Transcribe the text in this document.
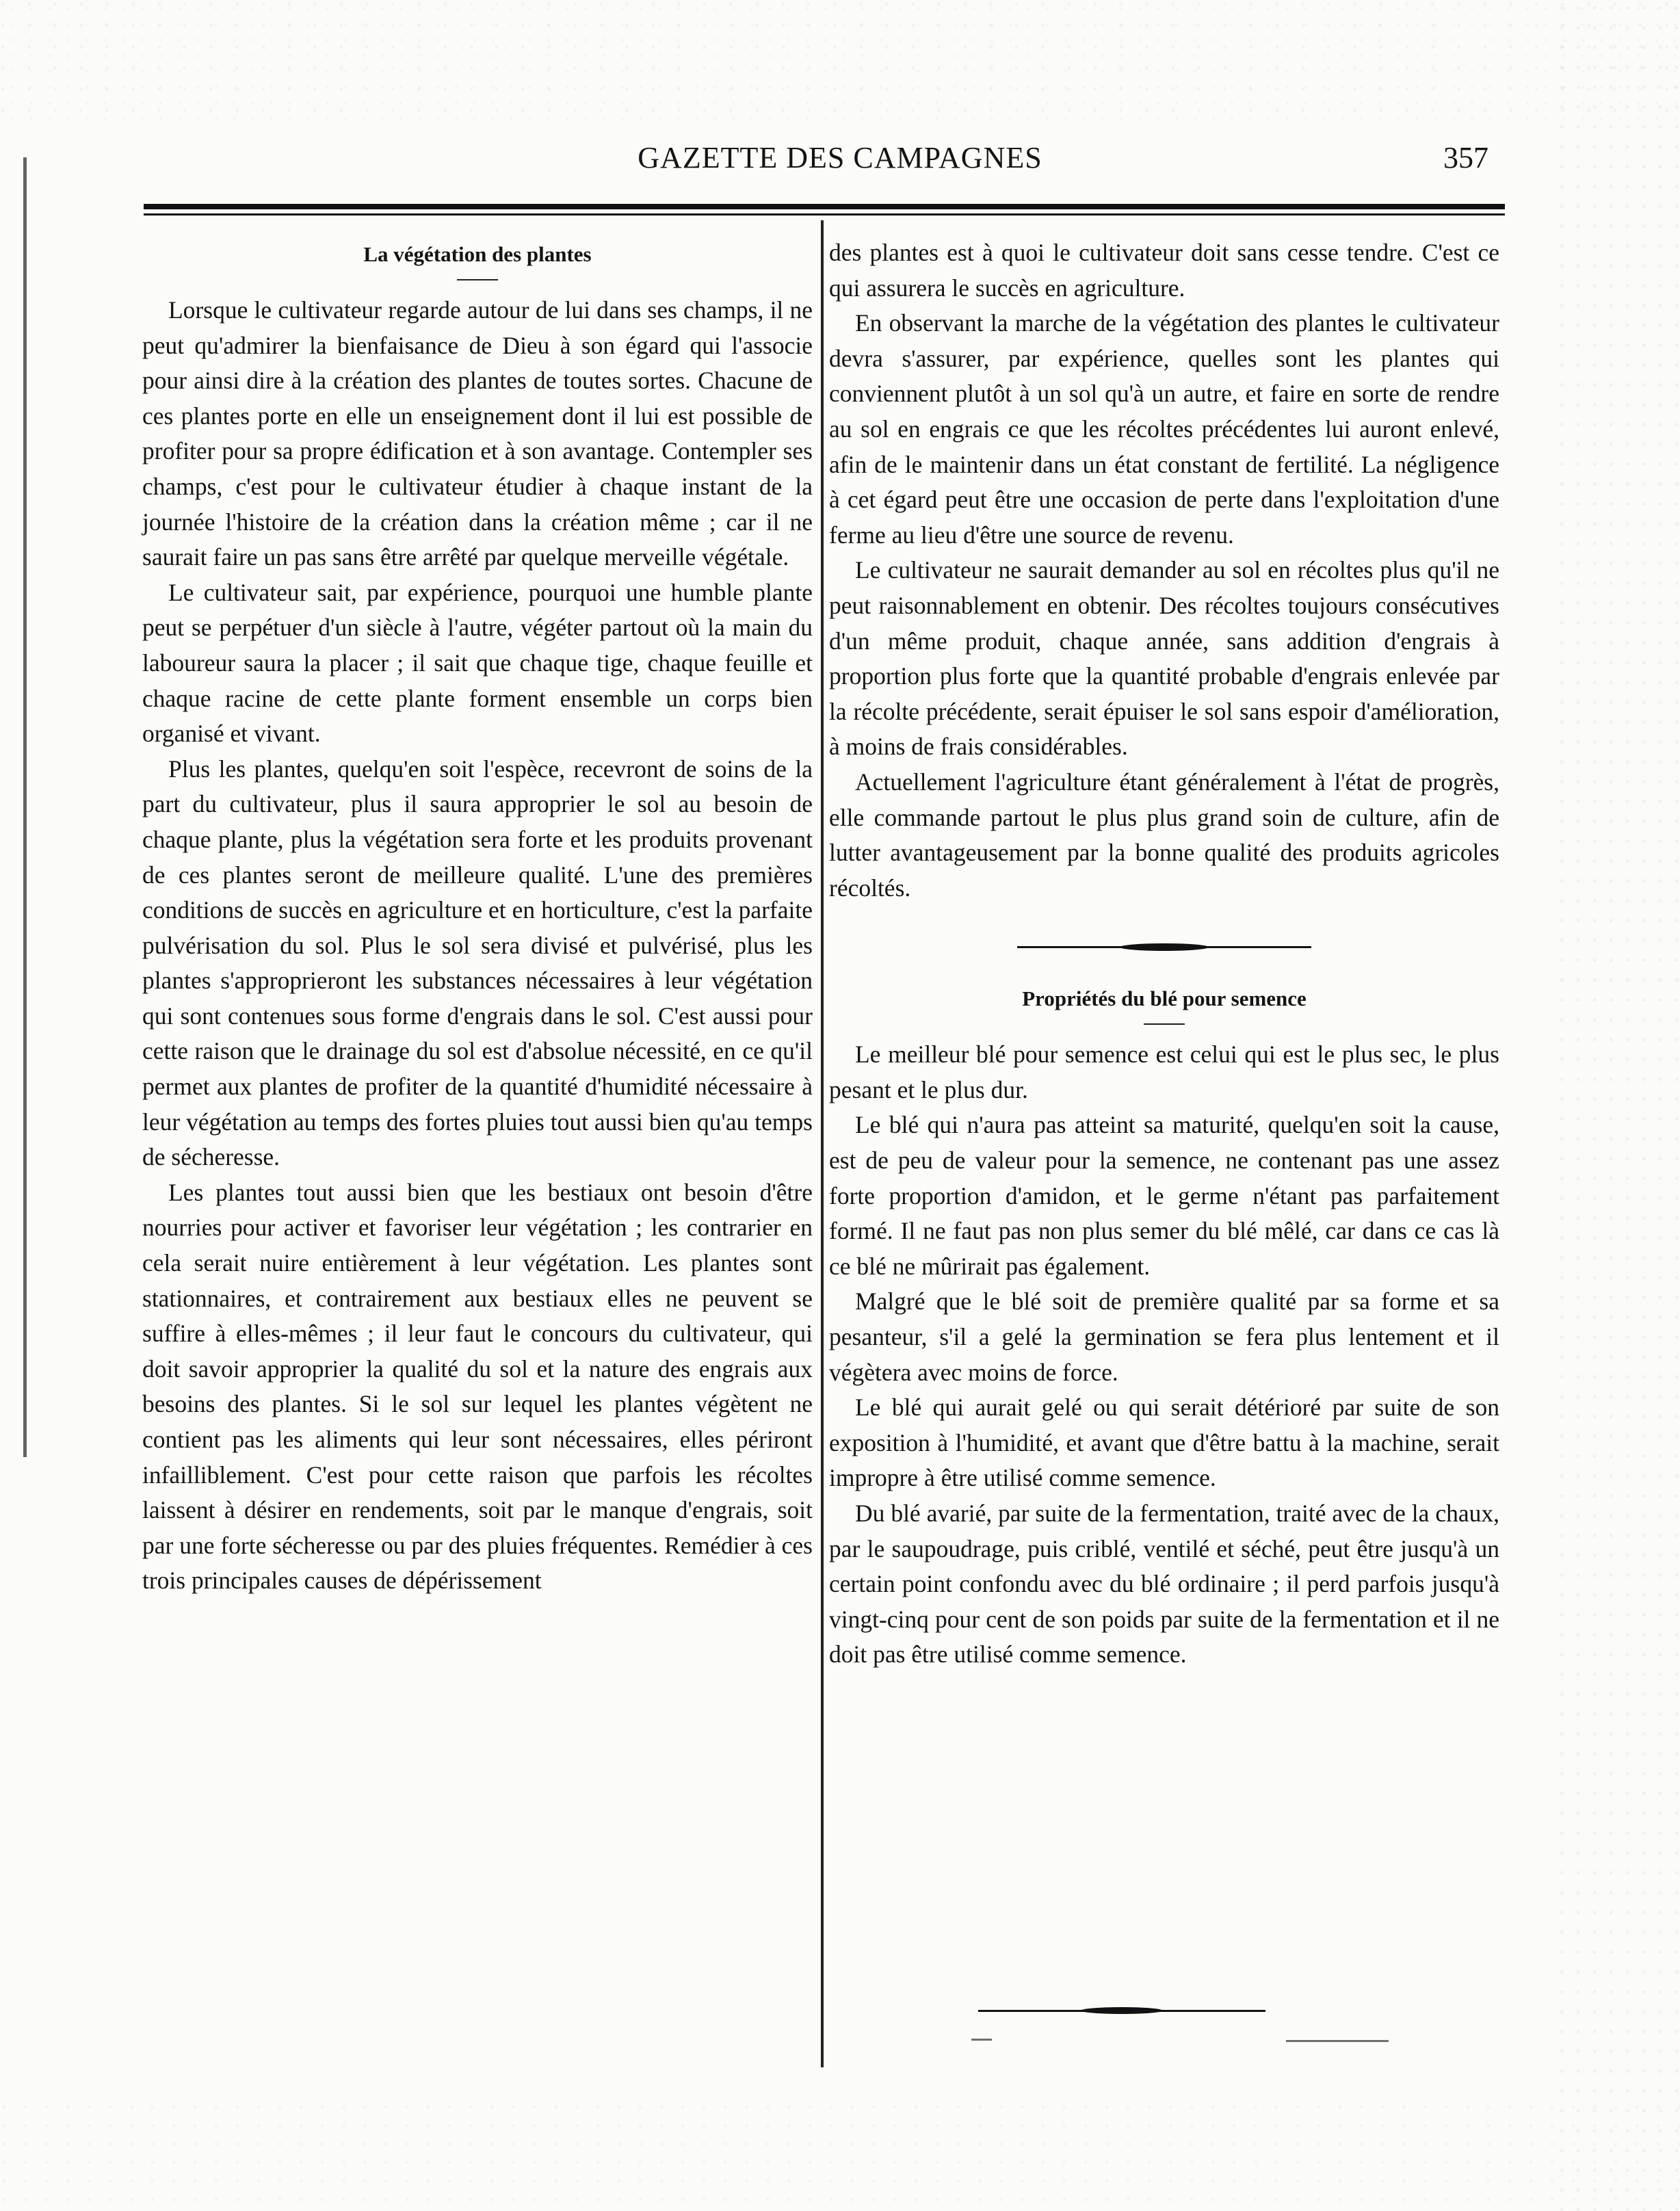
GAZETTE DES CAMPAGNES	357
La végétation des plantes

Lorsque le cultivateur regarde autour de lui dans ses champs, il ne peut qu'admirer la bienfaisance de Dieu à son égard qui l'associe pour ainsi dire à la création des plantes de toutes sortes. Chacune de ces plantes porte en elle un enseignement dont il lui est possible de profiter pour sa propre édification et à son avantage. Contempler ses champs, c'est pour le cultivateur étudier à chaque instant de la journée l'histoire de la création dans la création même ; car il ne saurait faire un pas sans être arrêté par quelque merveille végétale.

Le cultivateur sait, par expérience, pourquoi une humble plante peut se perpétuer d'un siècle à l'autre, végéter partout où la main du laboureur saura la placer ; il sait que chaque tige, chaque feuille et chaque racine de cette plante forment ensemble un corps bien organisé et vivant.

Plus les plantes, quelqu'en soit l'espèce, recevront de soins de la part du cultivateur, plus il saura approprier le sol au besoin de chaque plante, plus la végétation sera forte et les produits provenant de ces plantes seront de meilleure qualité. L'une des premières conditions de succès en agriculture et en horticulture, c'est la parfaite pulvérisation du sol. Plus le sol sera divisé et pulvérisé, plus les plantes s'approprieront les substances nécessaires à leur végétation qui sont contenues sous forme d'engrais dans le sol. C'est aussi pour cette raison que le drainage du sol est d'absolue nécessité, en ce qu'il permet aux plantes de profiter de la quantité d'humidité nécessaire à leur végétation au temps des fortes pluies tout aussi bien qu'au temps de sécheresse.

Les plantes tout aussi bien que les bestiaux ont besoin d'être nourries pour activer et favoriser leur végétation ; les contrarier en cela serait nuire entièrement à leur végétation. Les plantes sont stationnaires, et contrairement aux bestiaux elles ne peuvent se suffire à elles-mêmes ; il leur faut le concours du cultivateur, qui doit savoir approprier la qualité du sol et la nature des engrais aux besoins des plantes. Si le sol sur lequel les plantes végètent ne contient pas les aliments qui leur sont nécessaires, elles périront infailliblement. C'est pour cette raison que parfois les récoltes laissent à désirer en rendements, soit par le manque d'engrais, soit par une forte sécheresse ou par des pluies fréquentes. Remédier à ces trois principales causes de dépérissement

des plantes est à quoi le cultivateur doit sans cesse tendre. C'est ce qui assurera le succès en agriculture.

En observant la marche de la végétation des plantes le cultivateur devra s'assurer, par expérience, quelles sont les plantes qui conviennent plutôt à un sol qu'à un autre, et faire en sorte de rendre au sol en engrais ce que les récoltes précédentes lui auront enlevé, afin de le maintenir dans un état constant de fertilité. La négligence à cet égard peut être une occasion de perte dans l'exploitation d'une ferme au lieu d'être une source de revenu.

Le cultivateur ne saurait demander au sol en récoltes plus qu'il ne peut raisonnablement en obtenir. Des récoltes toujours consécutives d'un même produit, chaque année, sans addition d'engrais à proportion plus forte que la quantité probable d'engrais enlevée par la récolte précédente, serait épuiser le sol sans espoir d'amélioration, à moins de frais considérables.

Actuellement l'agriculture étant généralement à l'état de progrès, elle commande partout le plus plus grand soin de culture, afin de lutter avantageusement par la bonne qualité des produits agricoles récoltés.

Propriétés du blé pour semence

Le meilleur blé pour semence est celui qui est le plus sec, le plus pesant et le plus dur.

Le blé qui n'aura pas atteint sa maturité, quelqu'en soit la cause, est de peu de valeur pour la semence, ne contenant pas une assez forte proportion d'amidon, et le germe n'étant pas parfaitement formé. Il ne faut pas non plus semer du blé mêlé, car dans ce cas là ce blé ne mûrirait pas également.

Malgré que le blé soit de première qualité par sa forme et sa pesanteur, s'il a gelé la germination se fera plus lentement et il végètera avec moins de force.

Le blé qui aurait gelé ou qui serait détérioré par suite de son exposition à l'humidité, et avant que d'être battu à la machine, serait impropre à être utilisé comme semence.

Du blé avarié, par suite de la fermentation, traité avec de la chaux, par le saupoudrage, puis criblé, ventilé et séché, peut être jusqu'à un certain point confondu avec du blé ordinaire ; il perd parfois jusqu'à vingt-cinq pour cent de son poids par suite de la fermentation et il ne doit pas être utilisé comme semence.
